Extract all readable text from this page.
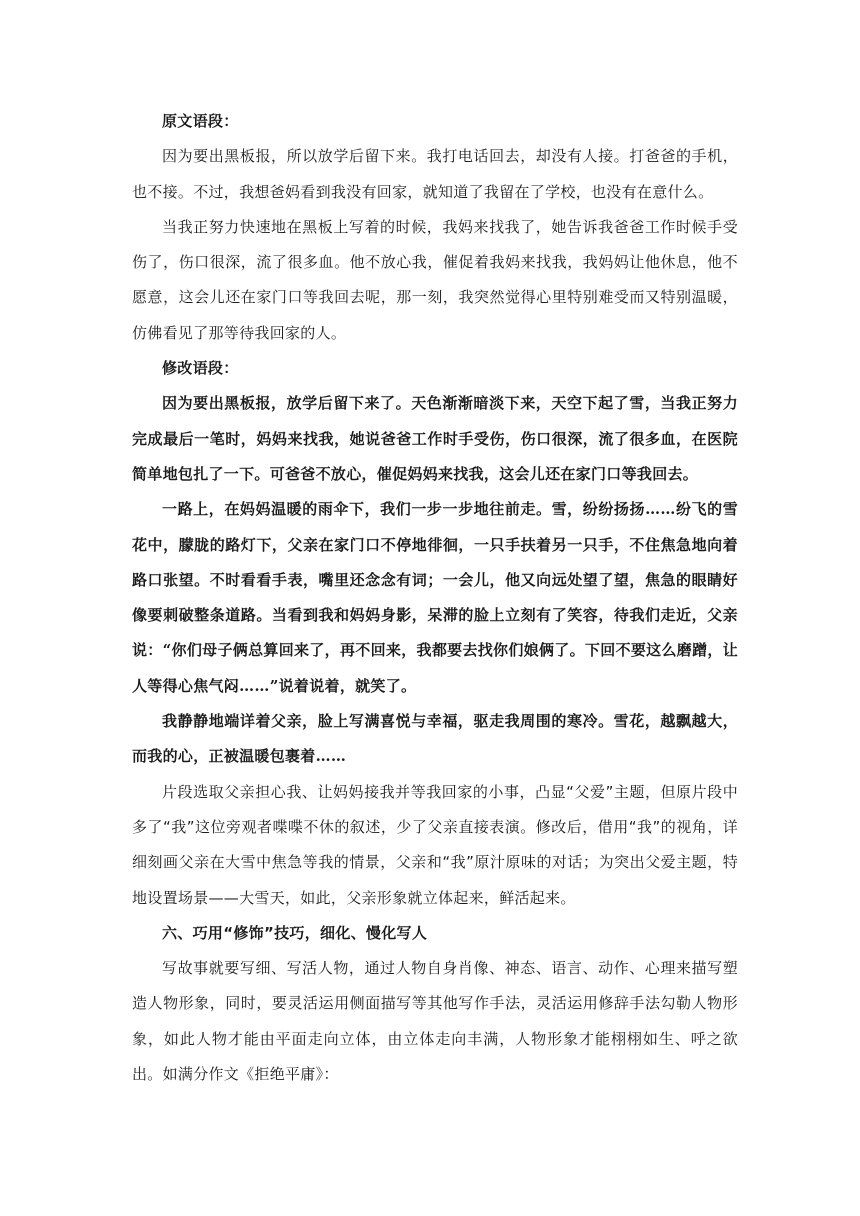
原文语段：

因为要出黑板报，所以放学后留下来。我打电话回去，却没有人接。打爸爸的手机，也不接。不过，我想爸妈看到我没有回家，就知道了我留在了学校，也没有在意什么。

当我正努力快速地在黑板上写着的时候，我妈来找我了，她告诉我爸爸工作时候手受伤了，伤口很深，流了很多血。他不放心我，催促着我妈来找我，我妈妈让他休息，他不愿意，这会儿还在家门口等我回去呢，那一刻，我突然觉得心里特别难受而又特别温暖，仿佛看见了那等待我回家的人。

修改语段：

因为要出黑板报，放学后留下来了。天色渐渐暗淡下来，天空下起了雪，当我正努力完成最后一笔时，妈妈来找我，她说爸爸工作时手受伤，伤口很深，流了很多血，在医院简单地包扎了一下。可爸爸不放心，催促妈妈来找我，这会儿还在家门口等我回去。

一路上，在妈妈温暖的雨伞下，我们一步一步地往前走。雪，纷纷扬扬……纷飞的雪花中，朦胧的路灯下，父亲在家门口不停地徘徊，一只手扶着另一只手，不住焦急地向着路口张望。不时看看手表，嘴里还念念有词；一会儿，他又向远处望了望，焦急的眼睛好像要刺破整条道路。当看到我和妈妈身影，呆滞的脸上立刻有了笑容，待我们走近，父亲说：“你们母子俩总算回来了，再不回来，我都要去找你们娘俩了。下回不要这么磨蹭，让人等得心焦气闷……”说着说着，就笑了。

我静静地端详着父亲，脸上写满喜悦与幸福，驱走我周围的寒冷。雪花，越飘越大，而我的心，正被温暖包裹着……

片段选取父亲担心我、让妈妈接我并等我回家的小事，凸显“父爱”主题，但原片段中多了“我”这位旁观者喋喋不休的叙述，少了父亲直接表演。修改后，借用“我”的视角，详细刻画父亲在大雪中焦急等我的情景，父亲和“我”原汁原味的对话；为突出父爱主题，特地设置场景——大雪天，如此，父亲形象就立体起来，鲜活起来。

六、巧用“修饰”技巧，细化、慢化写人

写故事就要写细、写活人物，通过人物自身肖像、神态、语言、动作、心理来描写塑造人物形象，同时，要灵活运用侧面描写等其他写作手法，灵活运用修辞手法勾勒人物形象，如此人物才能由平面走向立体，由立体走向丰满，人物形象才能栩栩如生、呼之欲出。如满分作文《拒绝平庸》：
